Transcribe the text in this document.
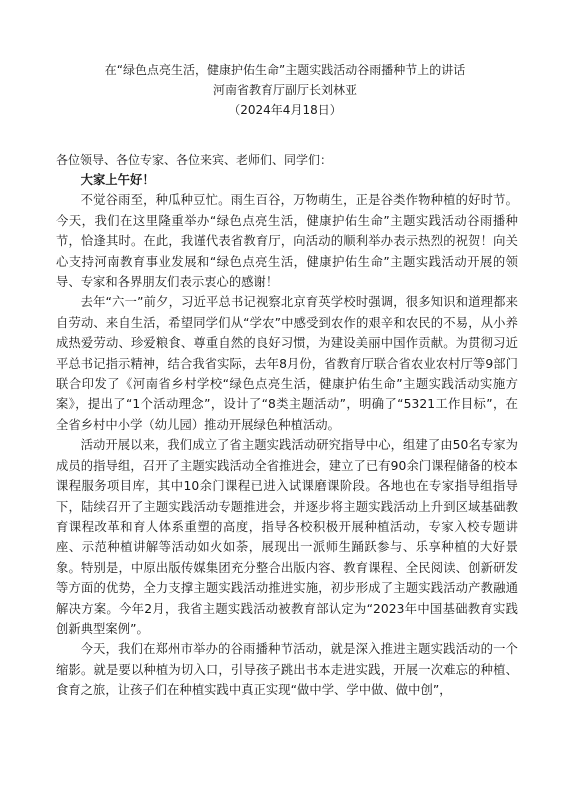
在“绿色点亮生活，健康护佑生命”主题实践活动谷雨播种节上的讲话
河南省教育厅副厅长刘林亚
（2024年4月18日）
各位领导、各位专家、各位来宾、老师们、同学们：

大家上午好！

不觉谷雨至，种瓜种豆忙。雨生百谷，万物萌生，正是谷类作物种植的好时节。今天，我们在这里隆重举办“绿色点亮生活，健康护佑生命”主题实践活动谷雨播种节，恰逢其时。在此，我谨代表省教育厅，向活动的顺利举办表示热烈的祝贺！向关心支持河南教育事业发展和“绿色点亮生活，健康护佑生命”主题实践活动开展的领导、专家和各界朋友们表示衷心的感谢！

去年“六一”前夕，习近平总书记视察北京育英学校时强调，很多知识和道理都来自劳动、来自生活，希望同学们从“学农”中感受到农作的艰辛和农民的不易，从小养成热爱劳动、珍爱粮食、尊重自然的良好习惯，为建设美丽中国作贡献。为贯彻习近平总书记指示精神，结合我省实际，去年8月份，省教育厅联合省农业农村厅等9部门联合印发了《河南省乡村学校“绿色点亮生活，健康护佑生命”主题实践活动实施方案》，提出了“1个活动理念”，设计了“8类主题活动”，明确了“5321工作目标”，在全省乡村中小学（幼儿园）推动开展绿色种植活动。

活动开展以来，我们成立了省主题实践活动研究指导中心，组建了由50名专家为成员的指导组，召开了主题实践活动全省推进会，建立了已有90余门课程储备的校本课程服务项目库，其中10余门课程已进入试课磨课阶段。各地也在专家指导组指导下，陆续召开了主题实践活动专题推进会，并逐步将主题实践活动上升到区域基础教育课程改革和育人体系重塑的高度，指导各校积极开展种植活动，专家入校专题讲座、示范种植讲解等活动如火如荼，展现出一派师生踊跃参与、乐享种植的大好景象。特别是，中原出版传媒集团充分整合出版内容、教育课程、全民阅读、创新研发等方面的优势，全力支撑主题实践活动推进实施，初步形成了主题实践活动产教融通解决方案。今年2月，我省主题实践活动被教育部认定为“2023年中国基础教育实践创新典型案例”。

今天，我们在郑州市举办的谷雨播种节活动，就是深入推进主题实践活动的一个缩影。就是要以种植为切入口，引导孩子跳出书本走进实践，开展一次难忘的种植、食育之旅，让孩子们在种植实践中真正实现“做中学、学中做、做中创”，
